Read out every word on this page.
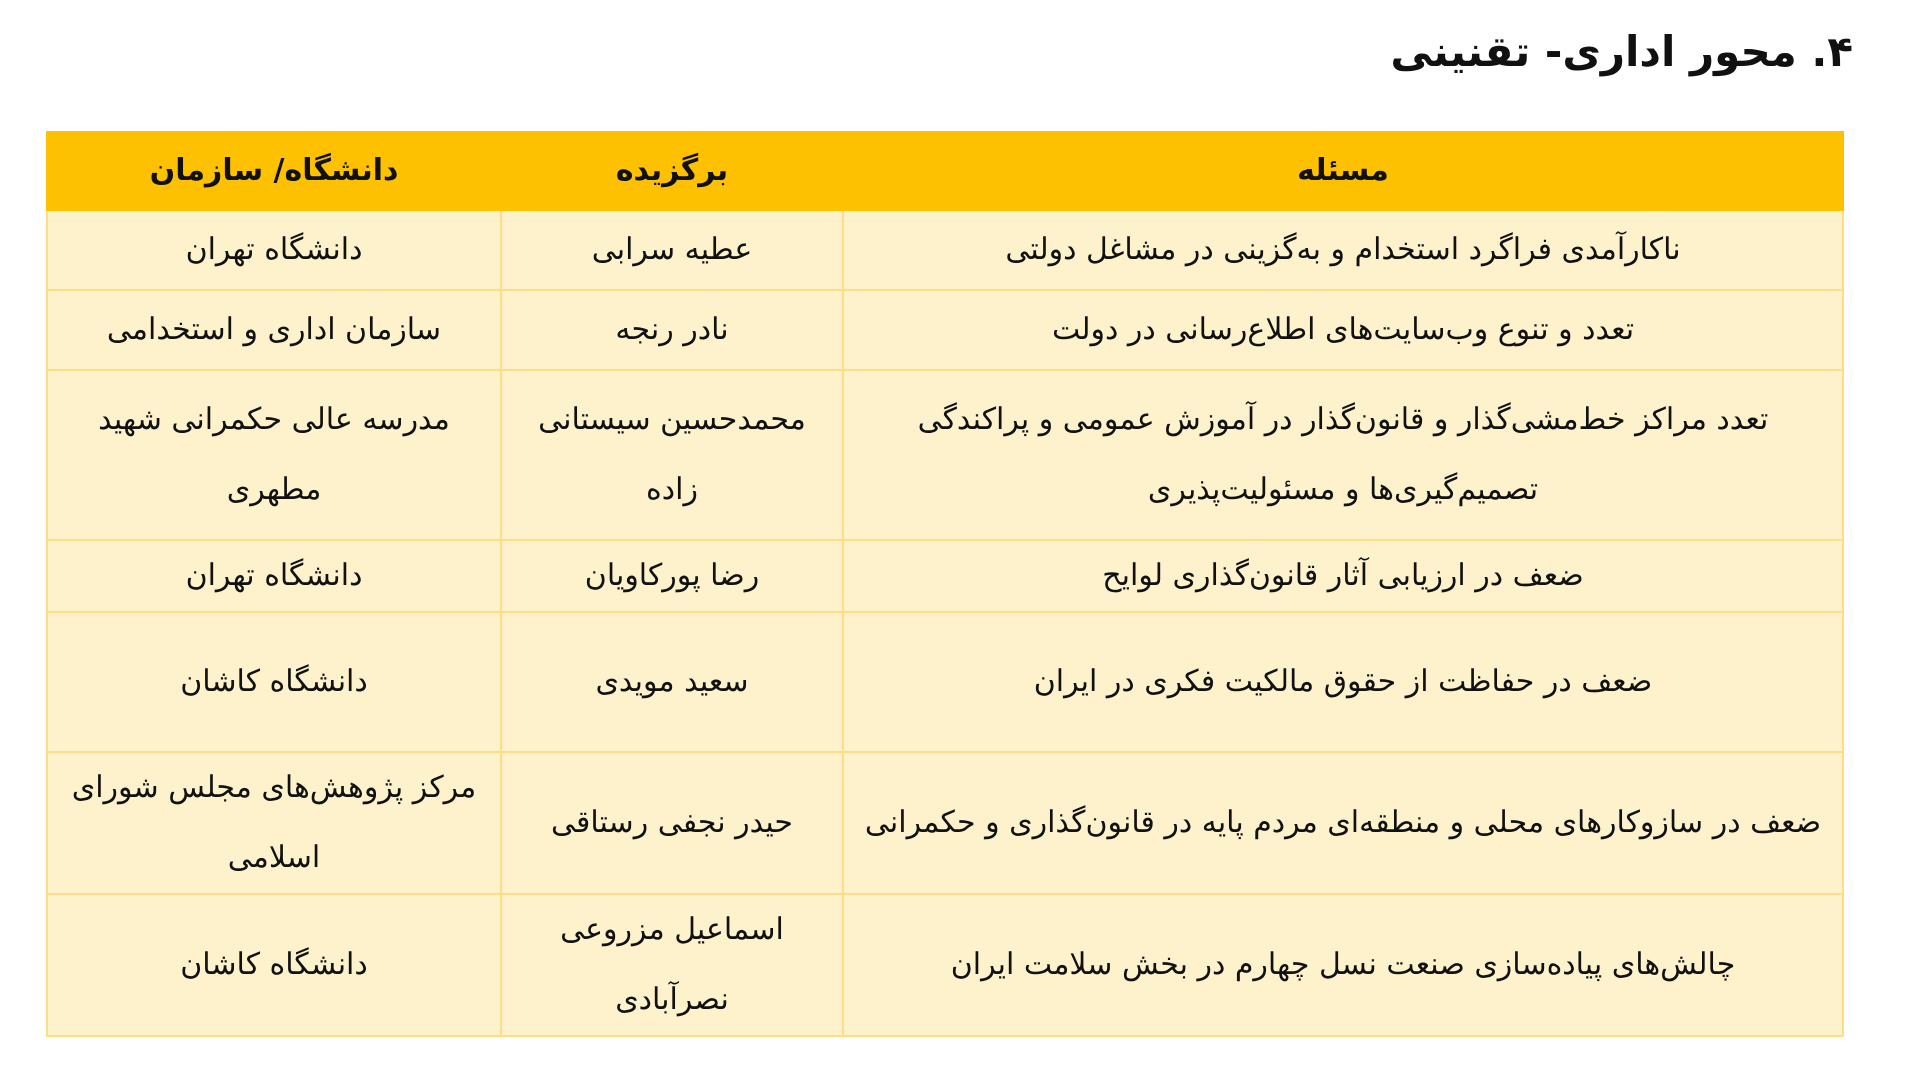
۴. محور اداری- تقنینی
مسئله	برگزیده	دانشگاه/ سازمان
ناکارآمدی فراگرد استخدام و به‌گزینی در مشاغل دولتی	عطیه سرابی	دانشگاه تهران
تعدد و تنوع وب‌سایت‌های اطلاع‌رسانی در دولت	نادر رنجه	سازمان اداری و استخدامی
تعدد مراکز خط‌مشی‌گذار و قانون‌گذار در آموزش عمومی و پراکندگی تصمیم‌گیری‌ها و مسئولیت‌پذیری	محمدحسین سیستانی زاده	مدرسه عالی حکمرانی شهید مطهری
ضعف در ارزیابی آثار قانون‌گذاری لوایح	رضا پورکاویان	دانشگاه تهران
ضعف در حفاظت از حقوق مالکیت فکری در ایران	سعید مویدی	دانشگاه کاشان
ضعف در سازوکارهای محلی و منطقه‌ای مردم پایه در قانون‌گذاری و حکمرانی	حیدر نجفی رستاقی	مرکز پژوهش‌های مجلس شورای اسلامی
چالش‌های پیاده‌سازی صنعت نسل چهارم در بخش سلامت ایران	اسماعیل مزروعی نصرآبادی	دانشگاه کاشان
